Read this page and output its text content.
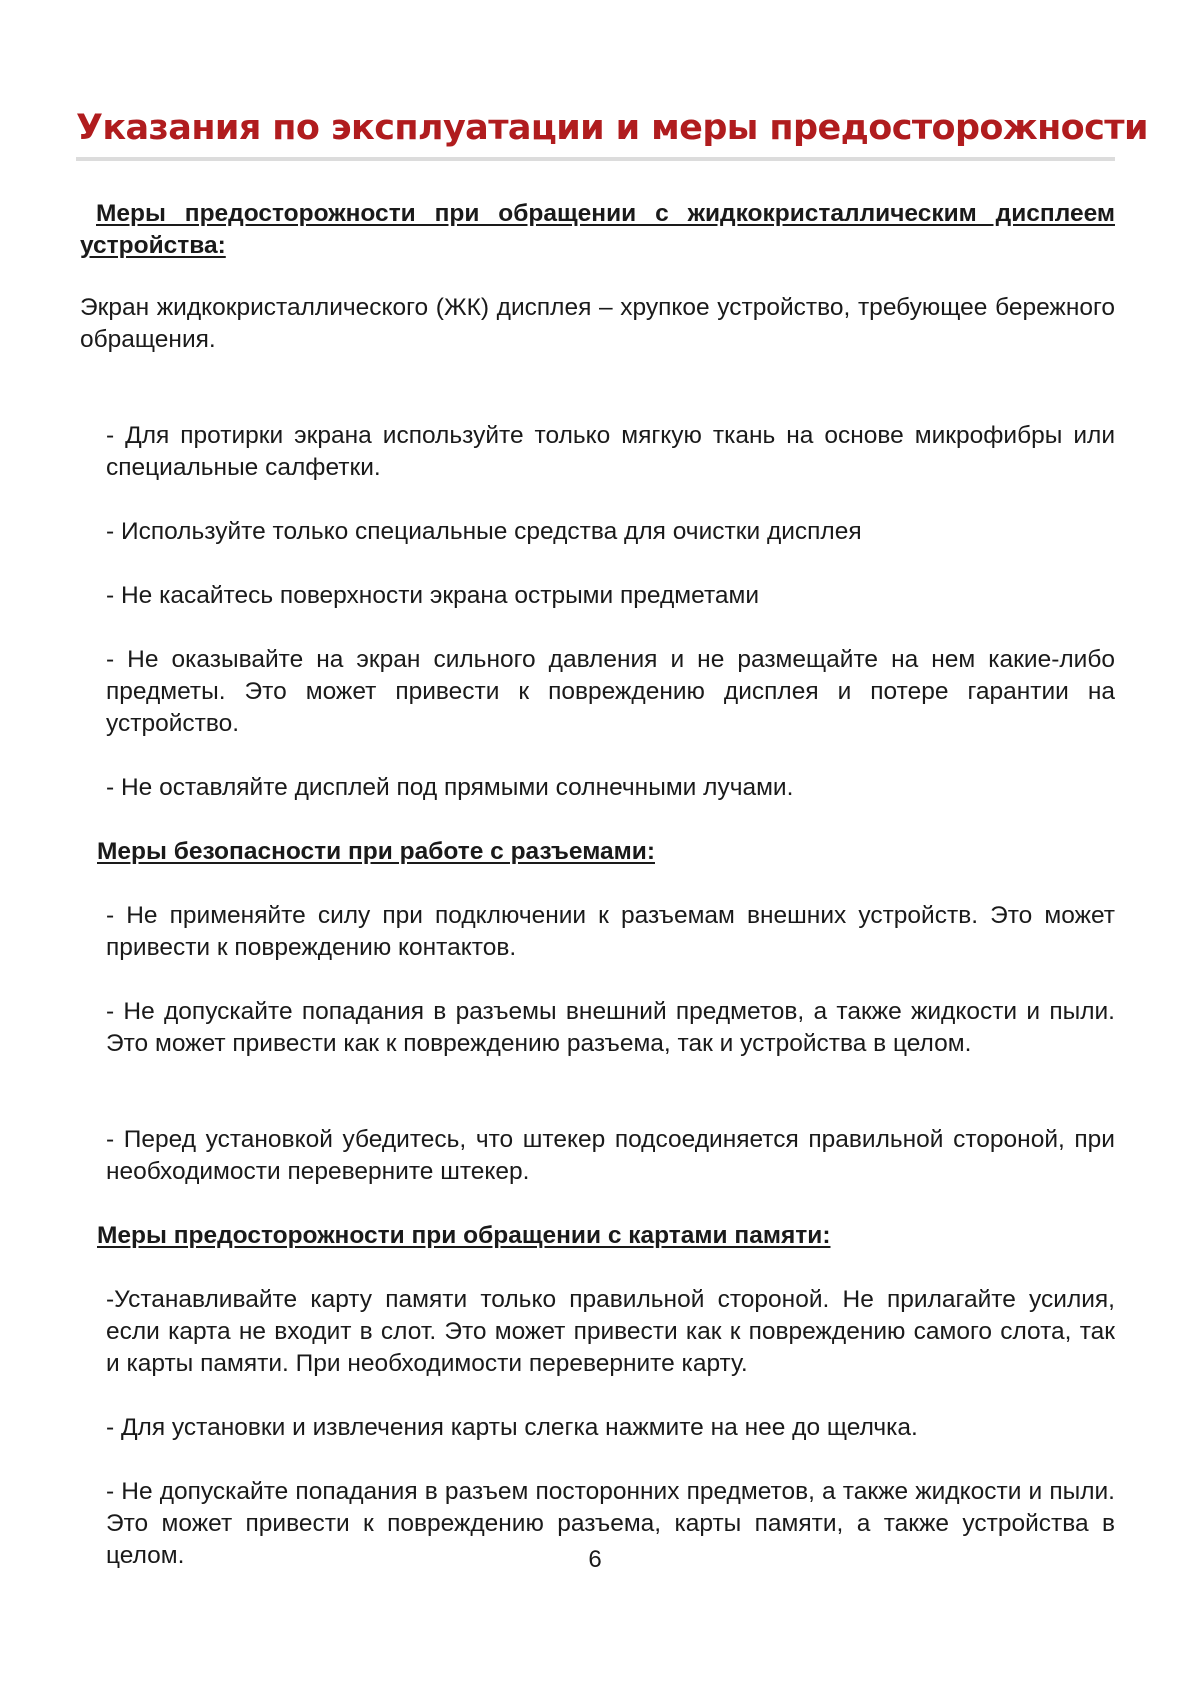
Указания по эксплуатации и меры предосторожности
Меры предосторожности при обращении с жидкокристаллическим дисплеем устройства:
Экран жидкокристаллического (ЖК) дисплея – хрупкое устройство, требующее бережного обращения.
- Для протирки экрана используйте только мягкую ткань на основе микрофибры или специальные салфетки.
- Используйте только специальные средства для очистки дисплея
- Не касайтесь поверхности экрана острыми предметами
- Не оказывайте на экран сильного давления и не размещайте на нем какие-либо предметы. Это может привести к повреждению дисплея и потере гарантии на устройство.
- Не оставляйте дисплей под прямыми солнечными лучами.
Меры безопасности при работе с разъемами:
- Не применяйте силу при подключении к разъемам внешних устройств. Это может привести к повреждению контактов.
- Не допускайте попадания в разъемы внешний предметов, а также жидкости и пыли. Это может привести как к повреждению разъема, так и устройства в целом.
- Перед установкой убедитесь, что штекер подсоединяется правильной стороной, при необходимости переверните штекер.
Меры предосторожности при обращении с картами памяти:
-Устанавливайте карту памяти только правильной стороной. Не прилагайте усилия, если карта не входит в слот. Это может привести как к повреждению самого слота, так и карты памяти. При необходимости переверните карту.
- Для установки и извлечения карты слегка нажмите на нее до щелчка.
- Не допускайте попадания в разъем посторонних предметов, а также жидкости и пыли. Это может привести к повреждению разъема, карты памяти, а также устройства в целом.	6
